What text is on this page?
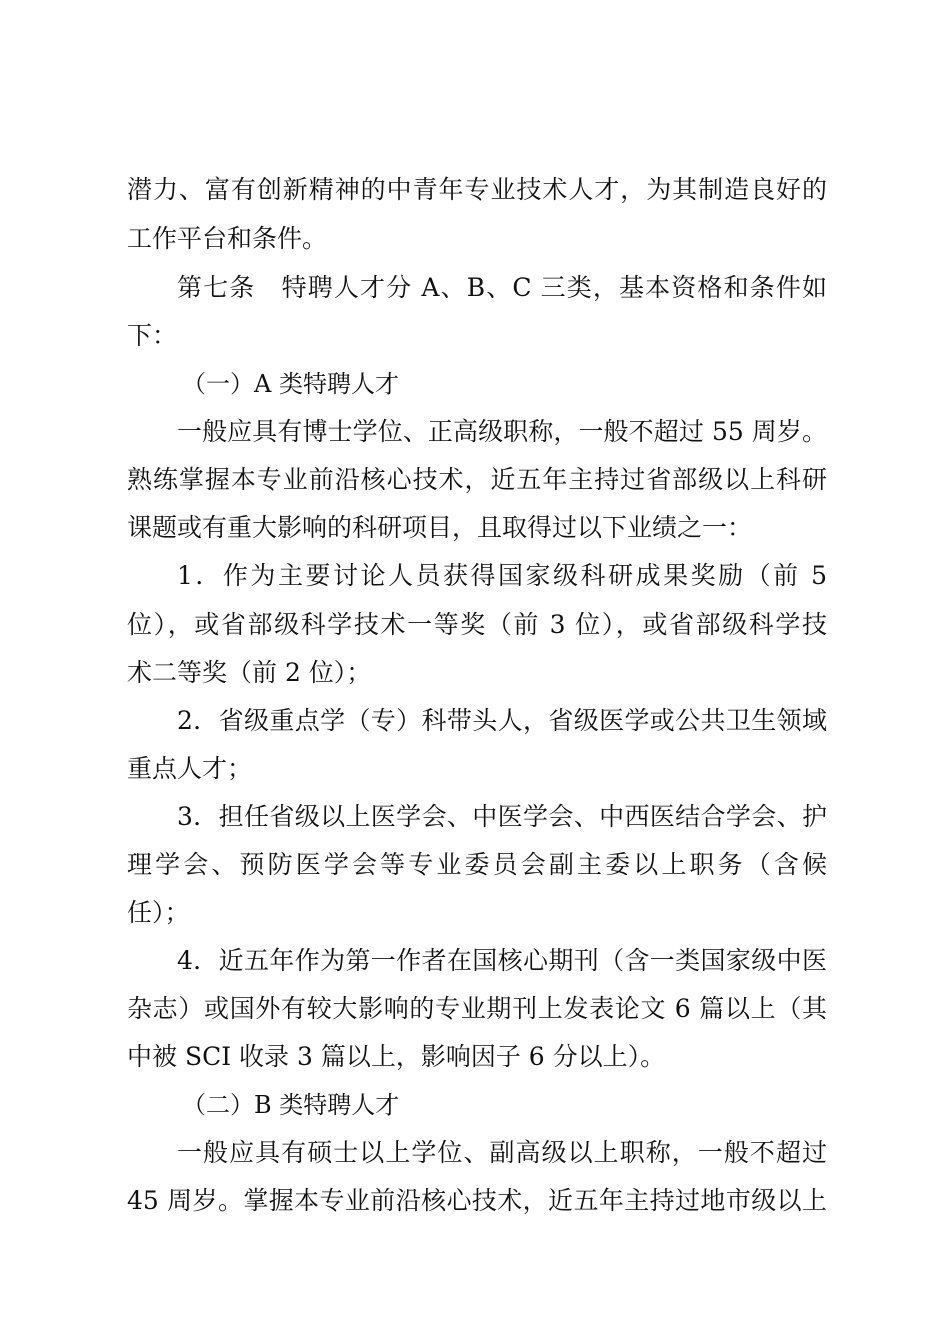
潜力、富有创新精神的中青年专业技术人才，为其制造良好的
工作平台和条件。
第七条　特聘人才分 A、B、C 三类，基本资格和条件如
下：
（一）A 类特聘人才
一般应具有博士学位、正高级职称，一般不超过 55 周岁。
熟练掌握本专业前沿核心技术，近五年主持过省部级以上科研
课题或有重大影响的科研项目，且取得过以下业绩之一：
1．作为主要讨论人员获得国家级科研成果奖励（前 5
位），或省部级科学技术一等奖（前 3 位），或省部级科学技
术二等奖（前 2 位）；
2．省级重点学（专）科带头人，省级医学或公共卫生领域
重点人才；
3．担任省级以上医学会、中医学会、中西医结合学会、护
理学会、预防医学会等专业委员会副主委以上职务（含候
任）；
4．近五年作为第一作者在国核心期刊（含一类国家级中医
杂志）或国外有较大影响的专业期刊上发表论文 6 篇以上（其
中被 SCI 收录 3 篇以上，影响因子 6 分以上）。
（二）B 类特聘人才
一般应具有硕士以上学位、副高级以上职称，一般不超过
45 周岁。掌握本专业前沿核心技术，近五年主持过地市级以上
